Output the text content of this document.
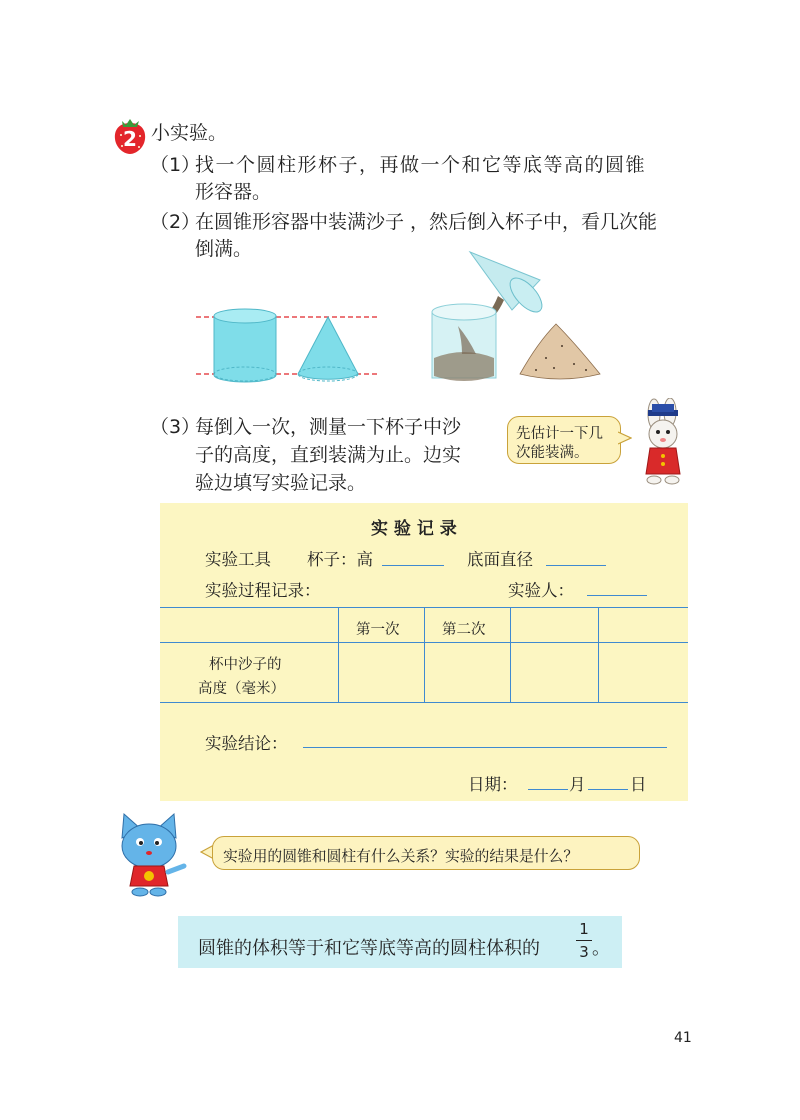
2 小实验。
（1）
找一个圆柱形杯子，再做一个和它等底等高的圆锥
形容器。
（2）
在圆锥形容器中装满沙子 ，然后倒入杯子中，看几次能
倒满。
（3）
每倒入一次，测量一下杯子中沙
子的高度，直到装满为止。边实
验边填写实验记录。
先估计一下几
次能装满。
实 验 记 录
实验工具 杯子：高	底面直径
实验过程记录：	实验人：
第一次	第二次
杯中沙子的
高度（毫米）
实验结论：
日期：	月	日
实验用的圆锥和圆柱有什么关系？实验的结果是什么？
圆锥的体积等于和它等底等高的圆柱体积的
1
3 。
41
